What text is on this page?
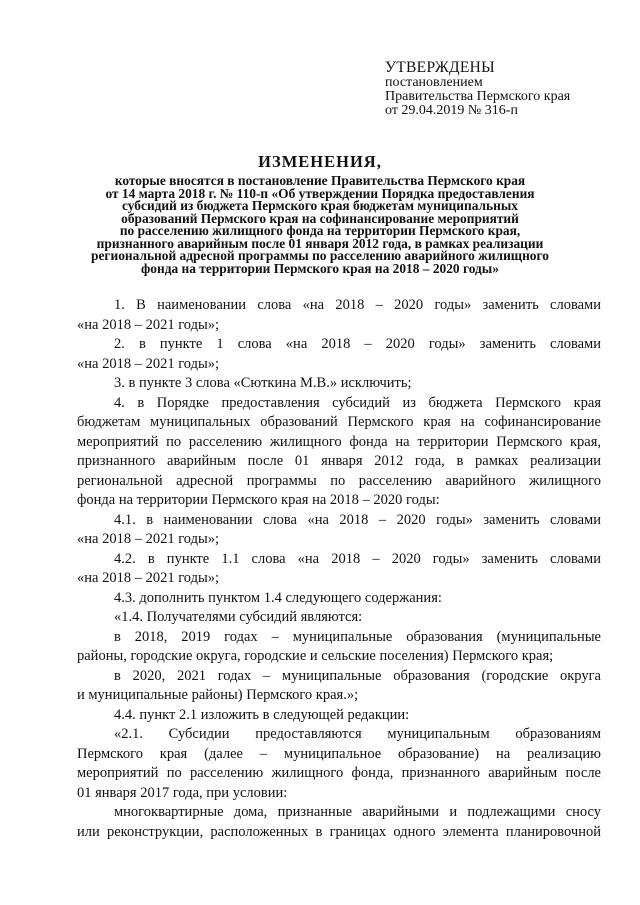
УТВЕРЖДЕНЫ
постановлением
Правительства Пермского края
от 29.04.2019 № 316-п
ИЗМЕНЕНИЯ,
которые вносятся в постановление Правительства Пермского края
от 14 марта 2018 г. № 110-п «Об утверждении Порядка предоставления
субсидий из бюджета Пермского края бюджетам муниципальных
образований Пермского края на софинансирование мероприятий
по расселению жилищного фонда на территории Пермского края,
признанного аварийным после 01 января 2012 года, в рамках реализации
региональной адресной программы по расселению аварийного жилищного
фонда на территории Пермского края на 2018 – 2020 годы»
1. В наименовании слова «на 2018 – 2020 годы» заменить словами
«на 2018 – 2021 годы»;
2. в пункте 1 слова «на 2018 – 2020 годы» заменить словами
«на 2018 – 2021 годы»;
3. в пункте 3 слова «Сюткина М.В.» исключить;
4. в Порядке предоставления субсидий из бюджета Пермского края
бюджетам муниципальных образований Пермского края на софинансирование
мероприятий по расселению жилищного фонда на территории Пермского края,
признанного аварийным после 01 января 2012 года, в рамках реализации
региональной адресной программы по расселению аварийного жилищного
фонда на территории Пермского края на 2018 – 2020 годы:
4.1. в наименовании слова «на 2018 – 2020 годы» заменить словами
«на 2018 – 2021 годы»;
4.2. в пункте 1.1 слова «на 2018 – 2020 годы» заменить словами
«на 2018 – 2021 годы»;
4.3. дополнить пунктом 1.4 следующего содержания:
«1.4. Получателями субсидий являются:
в 2018, 2019 годах – муниципальные образования (муниципальные
районы, городские округа, городские и сельские поселения) Пермского края;
в 2020, 2021 годах – муниципальные образования (городские округа
и муниципальные районы) Пермского края.»;
4.4. пункт 2.1 изложить в следующей редакции:
«2.1. Субсидии предоставляются муниципальным образованиям
Пермского края (далее – муниципальное образование) на реализацию
мероприятий по расселению жилищного фонда, признанного аварийным после
01 января 2017 года, при условии:
многоквартирные дома, признанные аварийными и подлежащими сносу
или реконструкции, расположенных в границах одного элемента планировочной
